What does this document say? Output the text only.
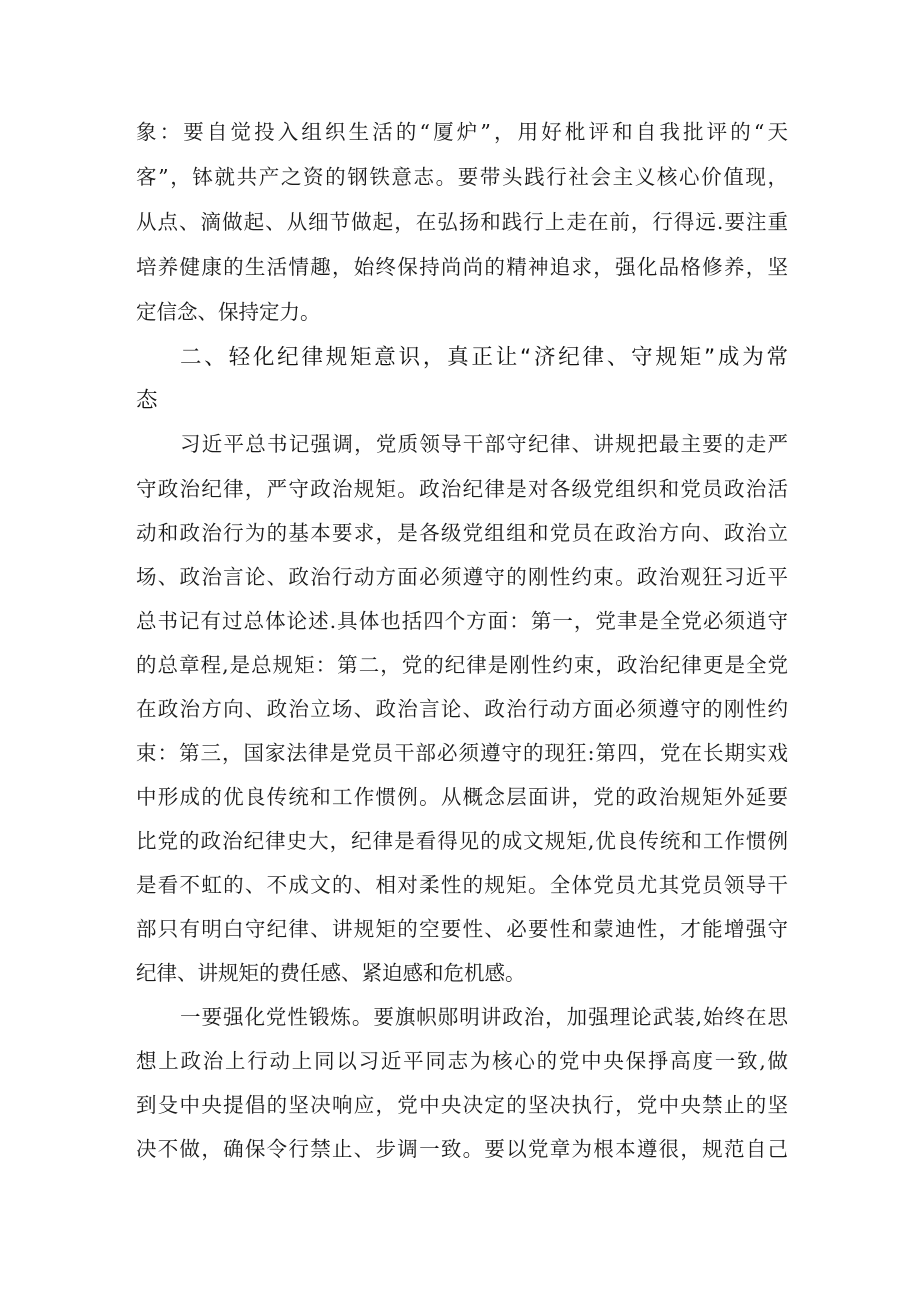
象：要自觉投入组织生活的“厦炉”，用好枇评和自我批评的“天
客”，钵就共产之资的钢铁意志。要带头践行社会主义核心价值现，
从点、滴做起、从细节做起，在弘扬和践行上走在前，行得远.要注重
培养健康的生活情趣，始终保持尚尚的精神追求，强化品格修养，坚
定信念、保持定力。
二、轻化纪律规矩意识，真正让“济纪律、守规矩”成为常
态
习近平总书记强调，党质领导干部守纪律、讲规把最主要的走严
守政治纪律，严守政治规矩。政治纪律是对各级党组织和党员政治活
动和政治行为的基本要求，是各级党组组和党员在政治方向、政治立
场、政治言论、政治行动方面必须遵守的刚性约束。政治观狂习近平
总书记有过总体论述.具体也括四个方面：第一，党聿是全党必须逍守
的总章程,是总规矩：第二，党的纪律是刚性约束，政治纪律更是全党
在政治方向、政治立场、政治言论、政治行动方面必须遵守的刚性约
束：第三，国家法律是党员干部必须遵守的现狂:第四，党在长期实戏
中形成的优良传统和工作惯例。从概念层面讲，党的政治规矩外延要
比党的政治纪律史大，纪律是看得见的成文规矩,优良传统和工作惯例
是看不虹的、不成文的、相对柔性的规矩。全体党员尤其党员领导干
部只有明白守纪律、讲规矩的空要性、必要性和蒙迪性，才能增强守
纪律、讲规矩的费任感、紧迫感和危机感。
一要强化党性锻炼。要旗帜郧明讲政治，加强理论武装,始终在思
想上政治上行动上同以习近平同志为核心的党中央保掙高度一致,做
到殳中央提倡的坚决响应，党中央决定的坚决执行，党中央禁止的坚
决不做，确保令行禁止、步调一致。要以党章为根本遵很，规范自己
